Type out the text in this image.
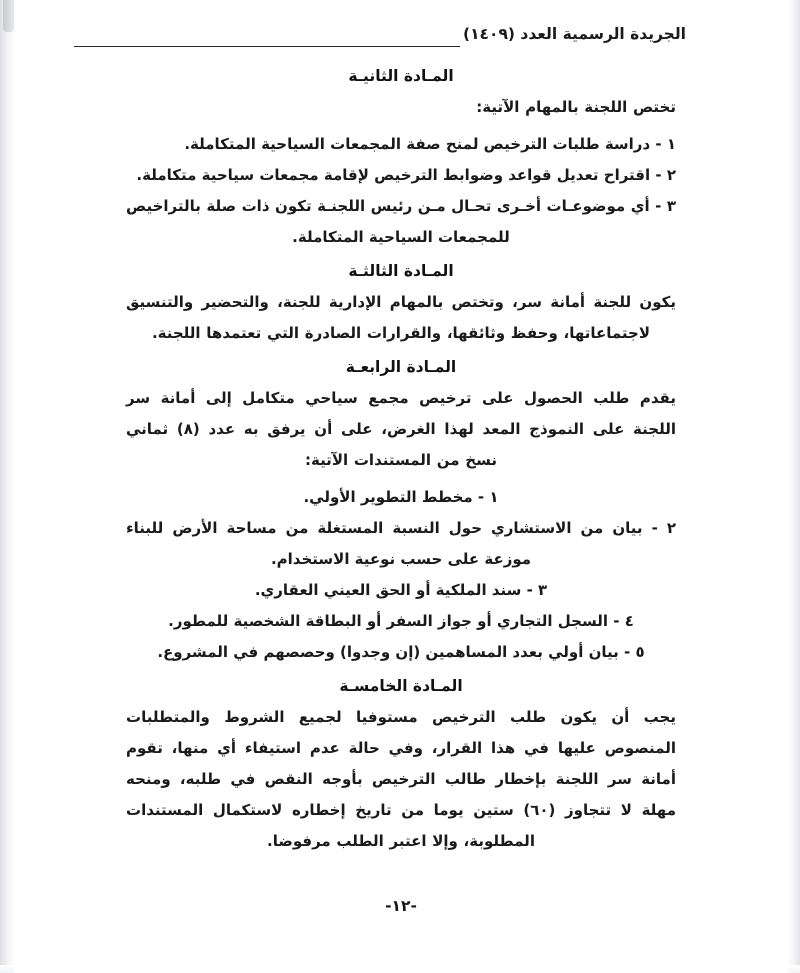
الجريدة الرسمية العدد (١٤٠٩)
المـادة الثانيـة

تختص اللجنة بالمهام الآتية:

١ - دراسة طلبات الترخيص لمنح صفة المجمعات السياحية المتكاملة.
٢ - اقتراح تعديل قواعد وضوابط الترخيص لإقامة مجمعات سياحية متكاملة.
٣ - أي موضوعـات أخـرى تحـال مـن رئيس اللجنـة تكون ذات صلة بالتراخيص للمجمعات السياحية المتكاملة.
المـادة الثالثـة

يكون للجنة أمانة سر، وتختص بالمهام الإدارية للجنة، والتحضير والتنسيق لاجتماعاتها، وحفظ وثائقها، والقرارات الصادرة التي تعتمدها اللجنة.

المـادة الرابعـة

يقدم طلب الحصول على ترخيص مجمع سياحي متكامل إلى أمانة سر اللجنة على النموذج المعد لهذا الغرض، على أن يرفق به عدد (٨) ثماني نسخ من المستندات الآتية:

١ - مخطط التطوير الأولي.
٢ - بيان من الاستشاري حول النسبة المستغلة من مساحة الأرض للبناء موزعة على حسب نوعية الاستخدام.
٣ - سند الملكية أو الحق العيني العقاري.
٤ - السجل التجاري أو جواز السفر أو البطاقة الشخصية للمطور.
٥ - بيان أولي بعدد المساهمين (إن وجدوا) وحصصهم في المشروع.
المـادة الخامسـة

يجب أن يكون طلب الترخيص مستوفيا لجميع الشروط والمتطلبات المنصوص عليها في هذا القرار، وفي حالة عدم استيفاء أي منها، تقوم أمانة سر اللجنة بإخطار طالب الترخيص بأوجه النقص في طلبه، ومنحه مهلة لا تتجاوز (٦٠) ستين يوما من تاريخ إخطاره لاستكمال المستندات المطلوبة، وإلا اعتبر الطلب مرفوضا.

-١٢-
